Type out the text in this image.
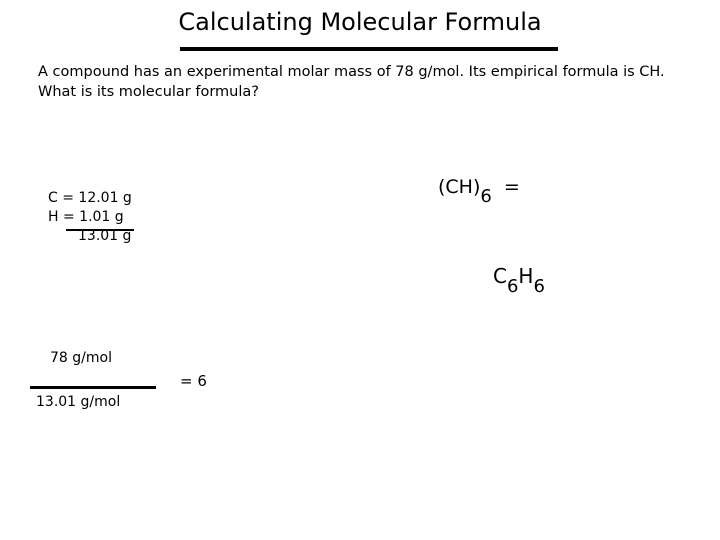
Calculating Molecular Formula
A compound has an experimental molar mass of 78 g/mol. Its empirical formula is CH.
What is its molecular formula?
C = 12.01 g
H = 1.01 g
13.01 g
(CH)6 =
C6H6
78 g/mol
13.01 g/mol
= 6
